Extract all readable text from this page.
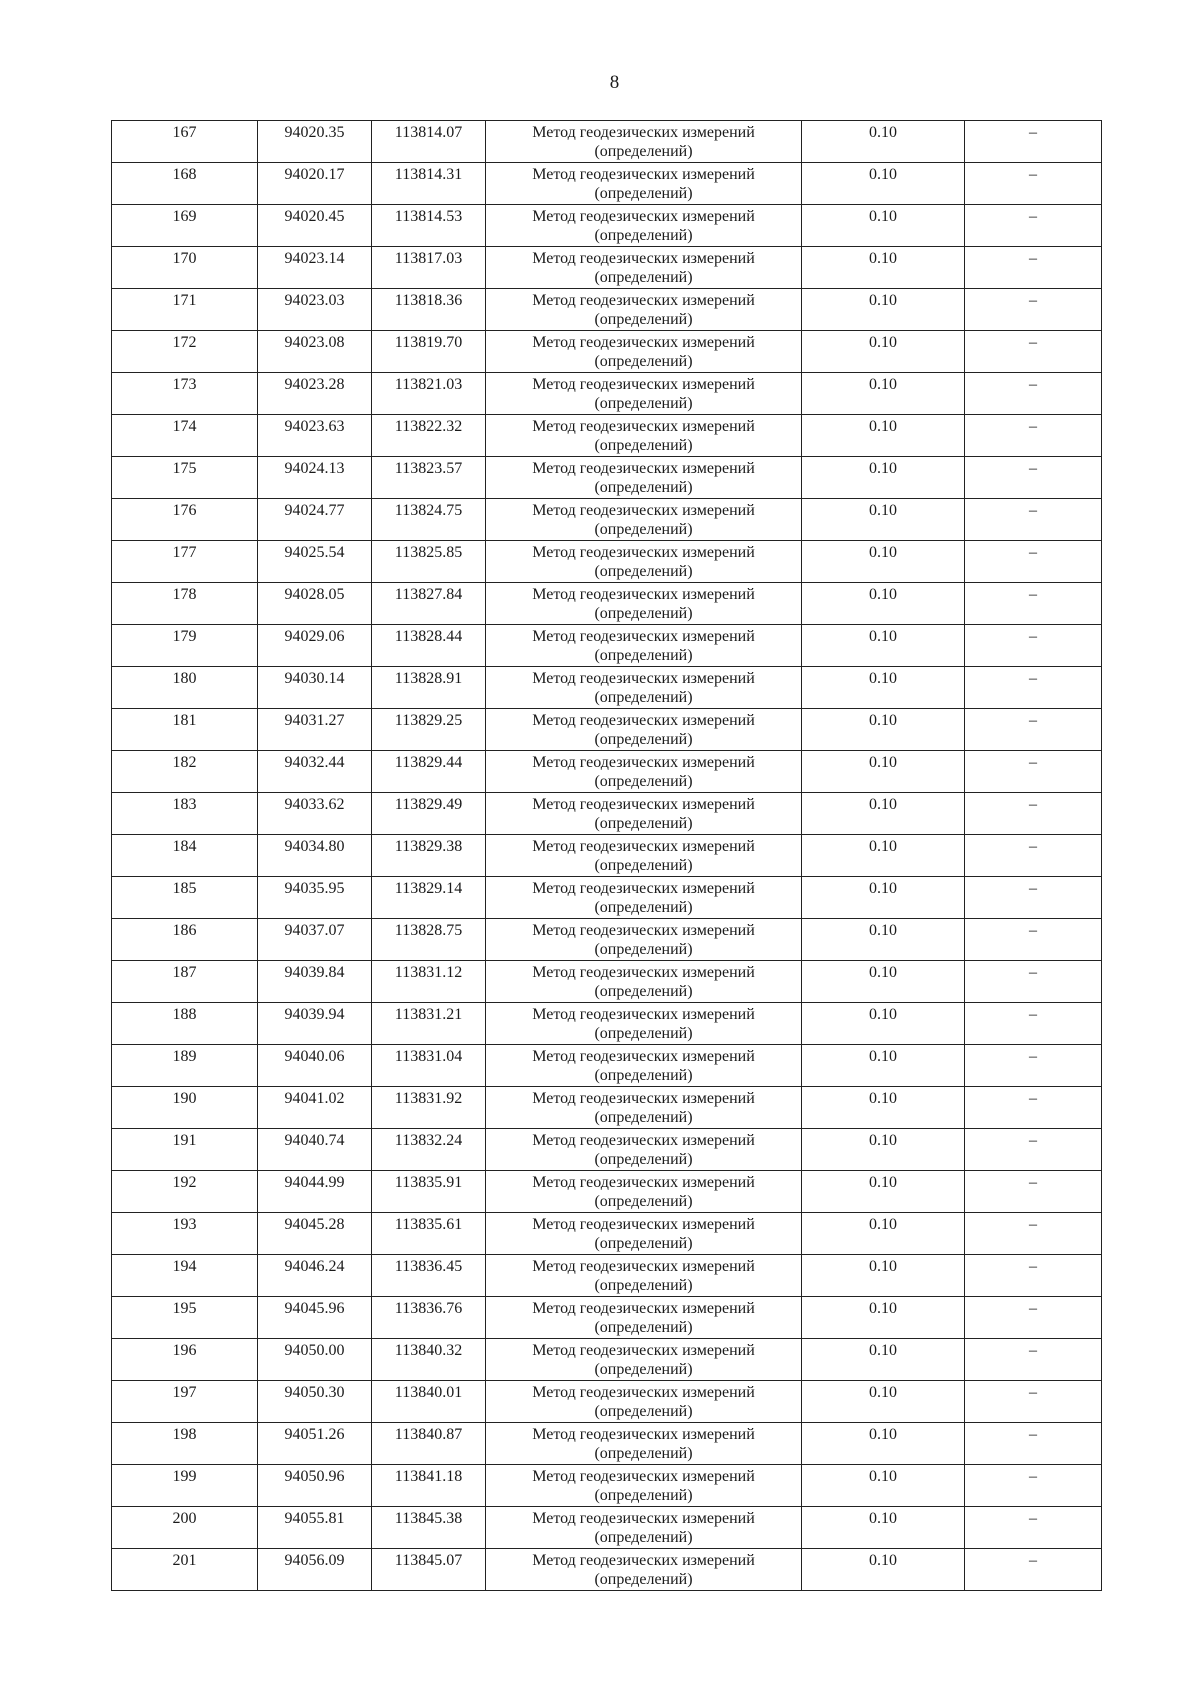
8
167	94020.35	113814.07	Метод геодезических измерений
(определений)	0.10	–
168	94020.17	113814.31	Метод геодезических измерений
(определений)	0.10	–
169	94020.45	113814.53	Метод геодезических измерений
(определений)	0.10	–
170	94023.14	113817.03	Метод геодезических измерений
(определений)	0.10	–
171	94023.03	113818.36	Метод геодезических измерений
(определений)	0.10	–
172	94023.08	113819.70	Метод геодезических измерений
(определений)	0.10	–
173	94023.28	113821.03	Метод геодезических измерений
(определений)	0.10	–
174	94023.63	113822.32	Метод геодезических измерений
(определений)	0.10	–
175	94024.13	113823.57	Метод геодезических измерений
(определений)	0.10	–
176	94024.77	113824.75	Метод геодезических измерений
(определений)	0.10	–
177	94025.54	113825.85	Метод геодезических измерений
(определений)	0.10	–
178	94028.05	113827.84	Метод геодезических измерений
(определений)	0.10	–
179	94029.06	113828.44	Метод геодезических измерений
(определений)	0.10	–
180	94030.14	113828.91	Метод геодезических измерений
(определений)	0.10	–
181	94031.27	113829.25	Метод геодезических измерений
(определений)	0.10	–
182	94032.44	113829.44	Метод геодезических измерений
(определений)	0.10	–
183	94033.62	113829.49	Метод геодезических измерений
(определений)	0.10	–
184	94034.80	113829.38	Метод геодезических измерений
(определений)	0.10	–
185	94035.95	113829.14	Метод геодезических измерений
(определений)	0.10	–
186	94037.07	113828.75	Метод геодезических измерений
(определений)	0.10	–
187	94039.84	113831.12	Метод геодезических измерений
(определений)	0.10	–
188	94039.94	113831.21	Метод геодезических измерений
(определений)	0.10	–
189	94040.06	113831.04	Метод геодезических измерений
(определений)	0.10	–
190	94041.02	113831.92	Метод геодезических измерений
(определений)	0.10	–
191	94040.74	113832.24	Метод геодезических измерений
(определений)	0.10	–
192	94044.99	113835.91	Метод геодезических измерений
(определений)	0.10	–
193	94045.28	113835.61	Метод геодезических измерений
(определений)	0.10	–
194	94046.24	113836.45	Метод геодезических измерений
(определений)	0.10	–
195	94045.96	113836.76	Метод геодезических измерений
(определений)	0.10	–
196	94050.00	113840.32	Метод геодезических измерений
(определений)	0.10	–
197	94050.30	113840.01	Метод геодезических измерений
(определений)	0.10	–
198	94051.26	113840.87	Метод геодезических измерений
(определений)	0.10	–
199	94050.96	113841.18	Метод геодезических измерений
(определений)	0.10	–
200	94055.81	113845.38	Метод геодезических измерений
(определений)	0.10	–
201	94056.09	113845.07	Метод геодезических измерений
(определений)	0.10	–
